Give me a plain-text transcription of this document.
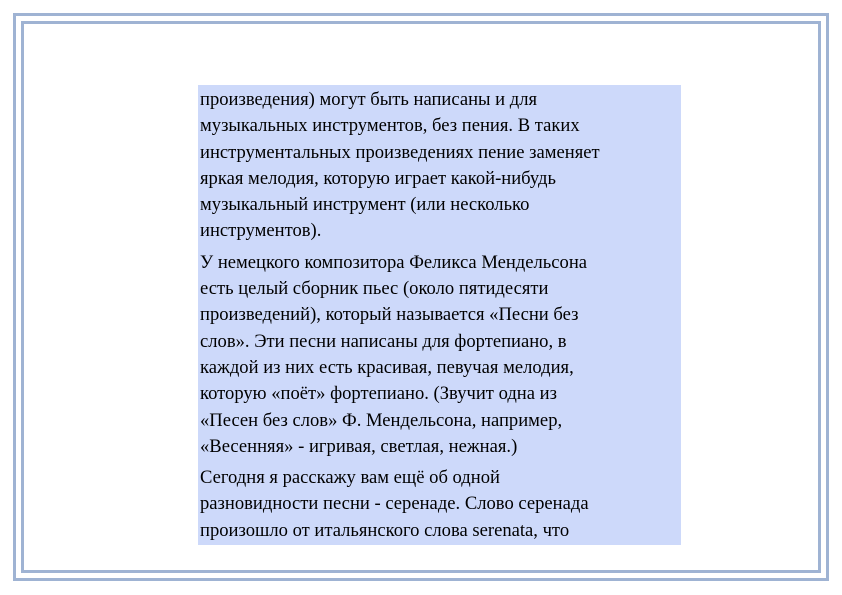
произведения) могут быть написаны и для
музыкальных инструментов, без пения. В таких
инструментальных произведениях пение заменяет
яркая мелодия, которую играет какой-нибудь
музыкальный инструмент (или несколько
инструментов).
У немецкого композитора Феликса Мендельсона
есть целый сборник пьес (около пятидесяти
произведений), который называется «Песни без
слов». Эти песни написаны для фортепиано, в
каждой из них есть красивая, певучая мелодия,
которую «поёт» фортепиано. (Звучит одна из
«Песен без слов» Ф. Мендельсона, например,
«Весенняя» - игривая, светлая, нежная.)
Сегодня я расскажу вам ещё об одной
разновидности песни - серенаде. Слово серенада
произошло от итальянского слова serenata, что
